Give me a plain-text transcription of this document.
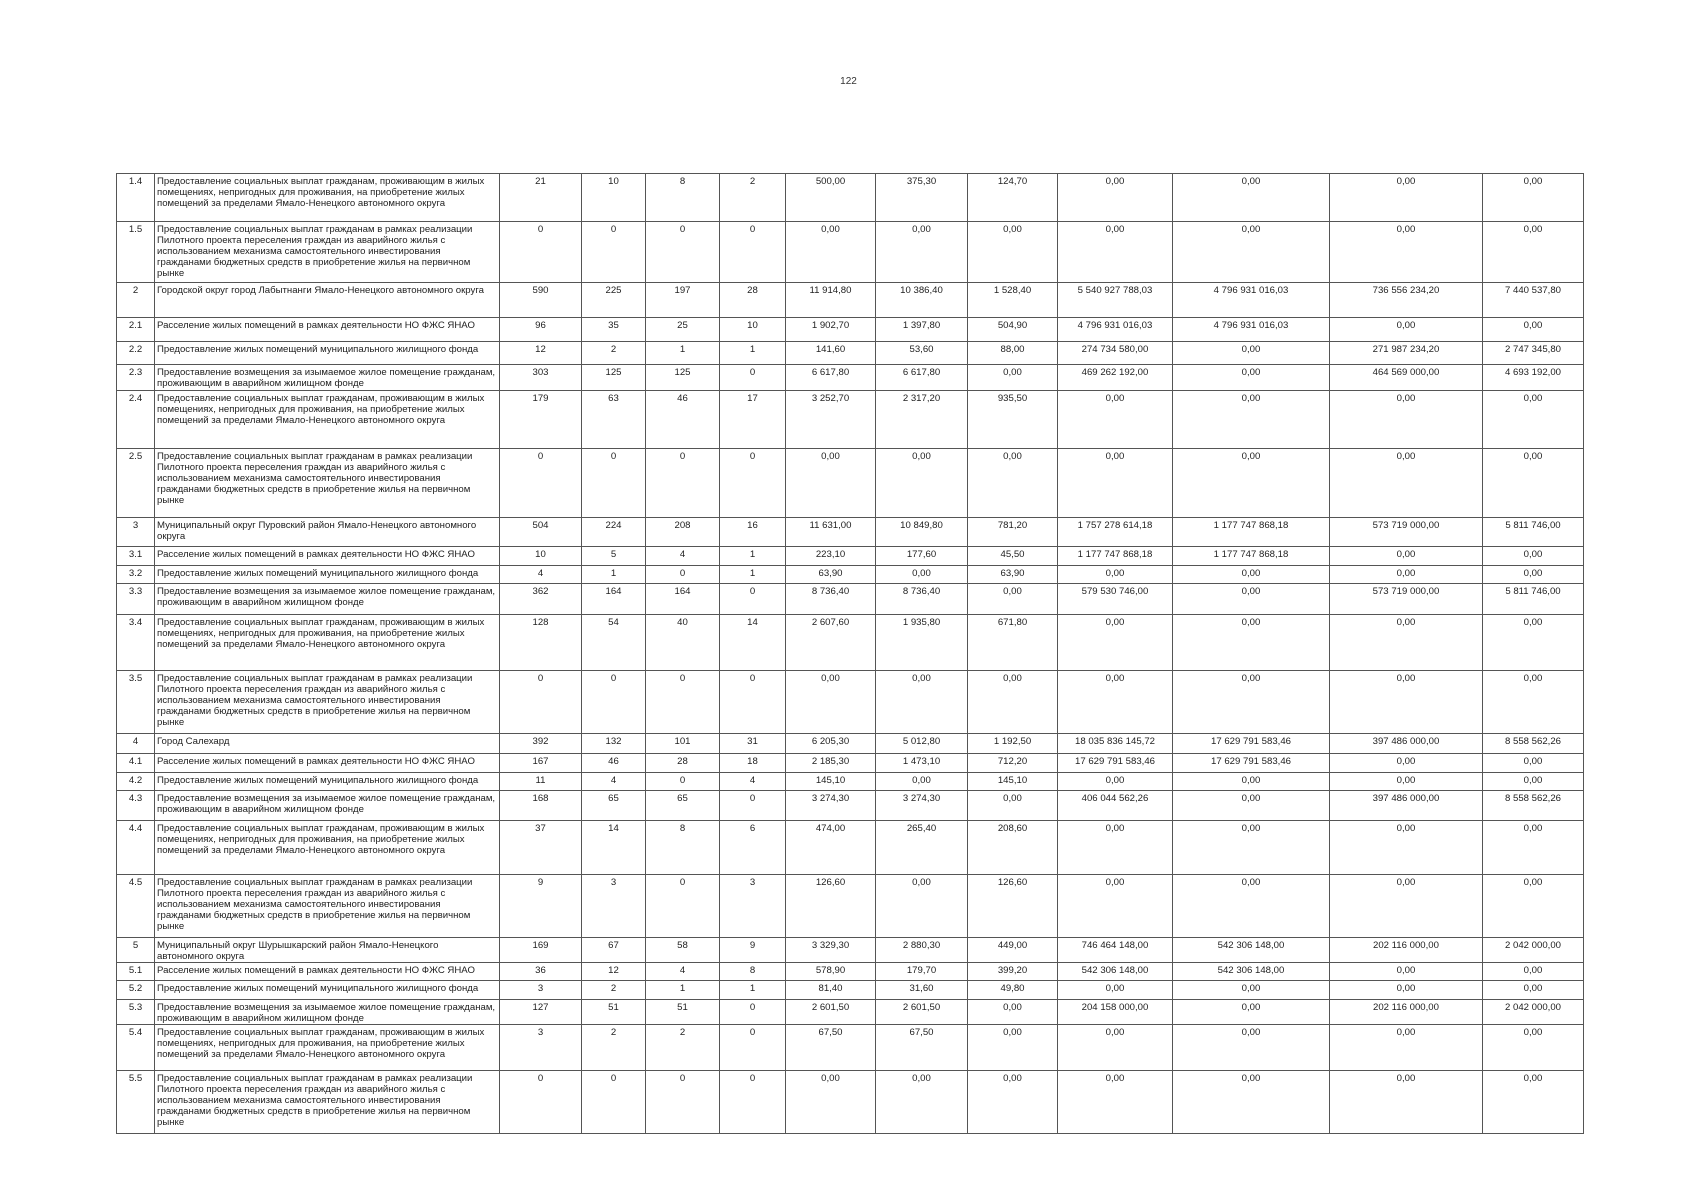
122
1.4	Предоставление социальных выплат гражданам, проживающим в жилых помещениях, непригодных для проживания, на приобретение жилых помещений за пределами Ямало-Ненецкого автономного округа	21	10	8	2	500,00	375,30	124,70	0,00	0,00	0,00	0,00
1.5	Предоставление социальных выплат гражданам в рамках реализации Пилотного проекта переселения граждан из аварийного жилья с использованием механизма самостоятельного инвестирования гражданами бюджетных средств в приобретение жилья на первичном рынке	0	0	0	0	0,00	0,00	0,00	0,00	0,00	0,00	0,00
2	Городской округ город Лабытнанги Ямало-Ненецкого автономного округа	590	225	197	28	11 914,80	10 386,40	1 528,40	5 540 927 788,03	4 796 931 016,03	736 556 234,20	7 440 537,80
2.1	Расселение жилых помещений в рамках деятельности НО ФЖС ЯНАО	96	35	25	10	1 902,70	1 397,80	504,90	4 796 931 016,03	4 796 931 016,03	0,00	0,00
2.2	Предоставление жилых помещений муниципального жилищного фонда	12	2	1	1	141,60	53,60	88,00	274 734 580,00	0,00	271 987 234,20	2 747 345,80
2.3	Предоставление возмещения за изымаемое жилое помещение гражданам, проживающим в аварийном жилищном фонде	303	125	125	0	6 617,80	6 617,80	0,00	469 262 192,00	0,00	464 569 000,00	4 693 192,00
2.4	Предоставление социальных выплат гражданам, проживающим в жилых помещениях, непригодных для проживания, на приобретение жилых помещений за пределами Ямало-Ненецкого автономного округа	179	63	46	17	3 252,70	2 317,20	935,50	0,00	0,00	0,00	0,00
2.5	Предоставление социальных выплат гражданам в рамках реализации Пилотного проекта переселения граждан из аварийного жилья с использованием механизма самостоятельного инвестирования гражданами бюджетных средств в приобретение жилья на первичном рынке	0	0	0	0	0,00	0,00	0,00	0,00	0,00	0,00	0,00
3	Муниципальный округ Пуровский район Ямало-Ненецкого автономного округа	504	224	208	16	11 631,00	10 849,80	781,20	1 757 278 614,18	1 177 747 868,18	573 719 000,00	5 811 746,00
3.1	Расселение жилых помещений в рамках деятельности НО ФЖС ЯНАО	10	5	4	1	223,10	177,60	45,50	1 177 747 868,18	1 177 747 868,18	0,00	0,00
3.2	Предоставление жилых помещений муниципального жилищного фонда	4	1	0	1	63,90	0,00	63,90	0,00	0,00	0,00	0,00
3.3	Предоставление возмещения за изымаемое жилое помещение гражданам, проживающим в аварийном жилищном фонде	362	164	164	0	8 736,40	8 736,40	0,00	579 530 746,00	0,00	573 719 000,00	5 811 746,00
3.4	Предоставление социальных выплат гражданам, проживающим в жилых помещениях, непригодных для проживания, на приобретение жилых помещений за пределами Ямало-Ненецкого автономного округа	128	54	40	14	2 607,60	1 935,80	671,80	0,00	0,00	0,00	0,00
3.5	Предоставление социальных выплат гражданам в рамках реализации Пилотного проекта переселения граждан из аварийного жилья с использованием механизма самостоятельного инвестирования гражданами бюджетных средств в приобретение жилья на первичном рынке	0	0	0	0	0,00	0,00	0,00	0,00	0,00	0,00	0,00
4	Город Салехард	392	132	101	31	6 205,30	5 012,80	1 192,50	18 035 836 145,72	17 629 791 583,46	397 486 000,00	8 558 562,26
4.1	Расселение жилых помещений в рамках деятельности НО ФЖС ЯНАО	167	46	28	18	2 185,30	1 473,10	712,20	17 629 791 583,46	17 629 791 583,46	0,00	0,00
4.2	Предоставление жилых помещений муниципального жилищного фонда	11	4	0	4	145,10	0,00	145,10	0,00	0,00	0,00	0,00
4.3	Предоставление возмещения за изымаемое жилое помещение гражданам, проживающим в аварийном жилищном фонде	168	65	65	0	3 274,30	3 274,30	0,00	406 044 562,26	0,00	397 486 000,00	8 558 562,26
4.4	Предоставление социальных выплат гражданам, проживающим в жилых помещениях, непригодных для проживания, на приобретение жилых помещений за пределами Ямало-Ненецкого автономного округа	37	14	8	6	474,00	265,40	208,60	0,00	0,00	0,00	0,00
4.5	Предоставление социальных выплат гражданам в рамках реализации Пилотного проекта переселения граждан из аварийного жилья с использованием механизма самостоятельного инвестирования гражданами бюджетных средств в приобретение жилья на первичном рынке	9	3	0	3	126,60	0,00	126,60	0,00	0,00	0,00	0,00
5	Муниципальный округ Шурышкарский район Ямало-Ненецкого автономного округа	169	67	58	9	3 329,30	2 880,30	449,00	746 464 148,00	542 306 148,00	202 116 000,00	2 042 000,00
5.1	Расселение жилых помещений в рамках деятельности НО ФЖС ЯНАО	36	12	4	8	578,90	179,70	399,20	542 306 148,00	542 306 148,00	0,00	0,00
5.2	Предоставление жилых помещений муниципального жилищного фонда	3	2	1	1	81,40	31,60	49,80	0,00	0,00	0,00	0,00
5.3	Предоставление возмещения за изымаемое жилое помещение гражданам, проживающим в аварийном жилищном фонде	127	51	51	0	2 601,50	2 601,50	0,00	204 158 000,00	0,00	202 116 000,00	2 042 000,00
5.4	Предоставление социальных выплат гражданам, проживающим в жилых помещениях, непригодных для проживания, на приобретение жилых помещений за пределами Ямало-Ненецкого автономного округа	3	2	2	0	67,50	67,50	0,00	0,00	0,00	0,00	0,00
5.5	Предоставление социальных выплат гражданам в рамках реализации Пилотного проекта переселения граждан из аварийного жилья с использованием механизма самостоятельного инвестирования гражданами бюджетных средств в приобретение жилья на первичном рынке	0	0	0	0	0,00	0,00	0,00	0,00	0,00	0,00	0,00
